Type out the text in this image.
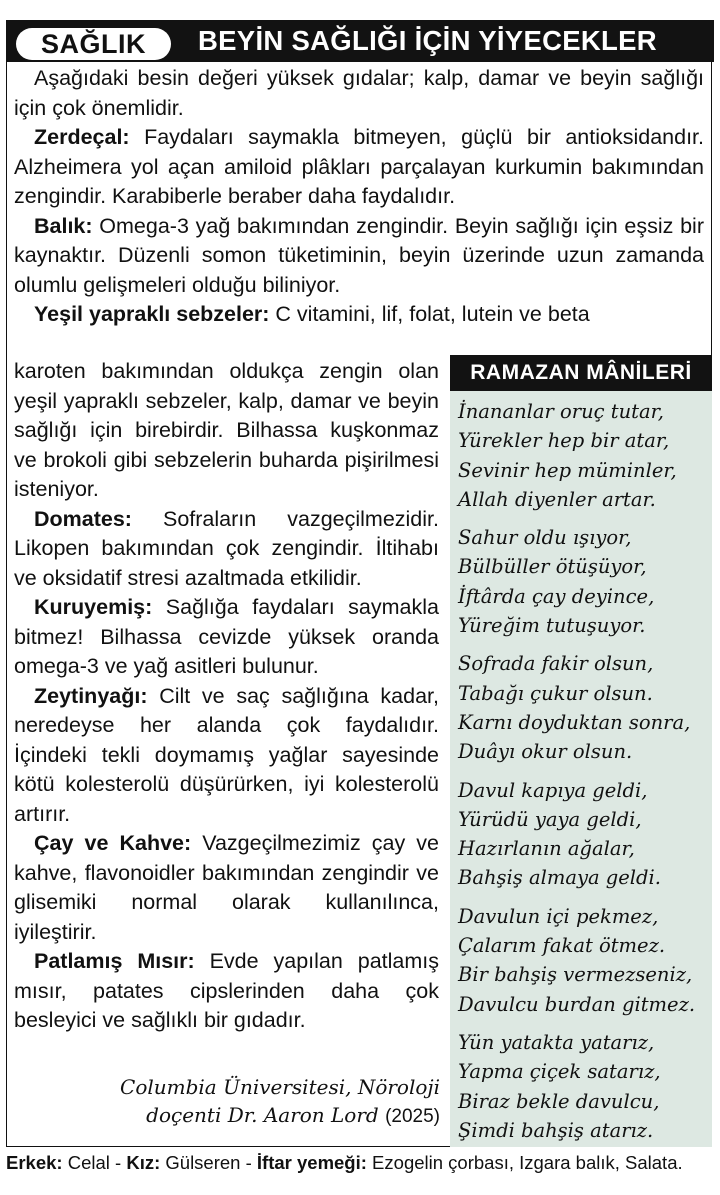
SAĞLIK	BEYİN SAĞLIĞI İÇİN YİYECEKLER

Aşağıdaki besin değeri yüksek gıdalar; kalp, damar ve beyin sağlığı için çok önemlidir.

Zerdeçal: Faydaları saymakla bitmeyen, güçlü bir antioksidandır. Alzheimera yol açan amiloid plâkları parçalayan kurkumin bakımından zengindir. Karabiberle beraber daha faydalıdır.

Balık: Omega-3 yağ bakımından zengindir. Beyin sağlığı için eşsiz bir kaynaktır. Düzenli somon tüketiminin, beyin üzerinde uzun zamanda olumlu gelişmeleri olduğu biliniyor.

Yeşil yapraklı sebzeler: C vitamini, lif, folat, lutein ve beta

karoten bakımından oldukça zengin olan yeşil yapraklı sebzeler, kalp, damar ve beyin sağlığı için birebirdir. Bilhassa kuşkonmaz ve brokoli gibi sebzelerin buharda pişirilmesi isteniyor.

Domates: Sofraların vazgeçilmezidir. Likopen bakımından çok zengindir. İltihabı ve oksidatif stresi azaltmada etkilidir.

Kuruyemiş: Sağlığa faydaları saymakla bitmez! Bilhassa cevizde yüksek oranda omega-3 ve yağ asitleri bulunur.

Zeytinyağı: Cilt ve saç sağlığına kadar, neredeyse her alanda çok faydalıdır. İçindeki tekli doymamış yağlar sayesinde kötü kolesterolü düşürürken, iyi kolesterolü artırır.

Çay ve Kahve: Vazgeçilmezimiz çay ve kahve, flavonoidler bakımından zengindir ve glisemiki normal olarak kullanılınca, iyileştirir.

Patlamış Mısır: Evde yapılan patlamış mısır, patates cipslerinden daha çok besleyici ve sağlıklı bir gıdadır.

Columbia Üniversitesi, Nöroloji
doçenti Dr. Aaron Lord (2025)
RAMAZAN MÂNİLERİ
İnananlar oruç tutar,
Yürekler hep bir atar,
Sevinir hep müminler,
Allah diyenler artar.
Sahur oldu ışıyor,
Bülbüller ötüşüyor,
İftârda çay deyince,
Yüreğim tutuşuyor.
Sofrada fakir olsun,
Tabağı çukur olsun.
Karnı doyduktan sonra,
Duâyı okur olsun.
Davul kapıya geldi,
Yürüdü yaya geldi,
Hazırlanın ağalar,
Bahşiş almaya geldi.
Davulun içi pekmez,
Çalarım fakat ötmez.
Bir bahşiş vermezseniz,
Davulcu burdan gitmez.
Yün yatakta yatarız,
Yapma çiçek satarız,
Biraz bekle davulcu,
Şimdi bahşiş atarız.
Erkek: Celal - Kız: Gülseren - İftar yemeği: Ezogelin çorbası, Izgara balık, Salata.
